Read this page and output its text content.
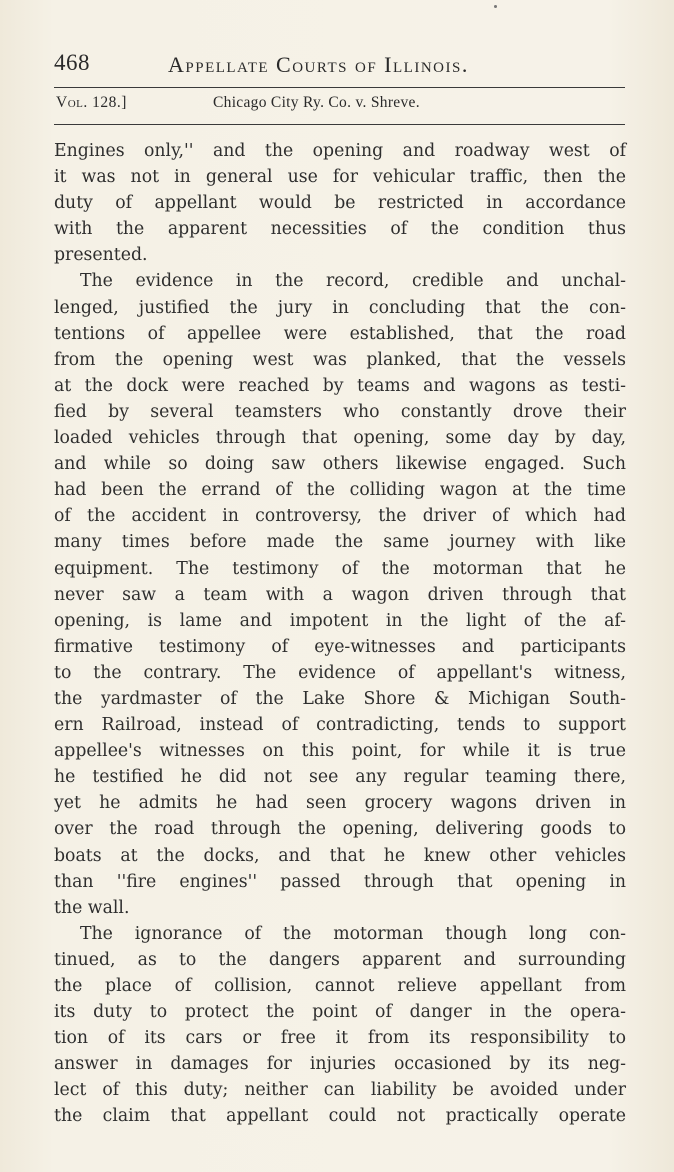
468	Appellate Courts of Illinois.
Vol. 128.]	Chicago City Ry. Co. v. Shreve.
Engines only,'' and the opening and roadway west of
it was not in general use for vehicular traffic, then the
duty of appellant would be restricted in accordance
with the apparent necessities of the condition thus
presented.
The evidence in the record, credible and unchal-
lenged, justified the jury in concluding that the con-
tentions of appellee were established, that the road
from the opening west was planked, that the vessels
at the dock were reached by teams and wagons as testi-
fied by several teamsters who constantly drove their
loaded vehicles through that opening, some day by day,
and while so doing saw others likewise engaged. Such
had been the errand of the colliding wagon at the time
of the accident in controversy, the driver of which had
many times before made the same journey with like
equipment. The testimony of the motorman that he
never saw a team with a wagon driven through that
opening, is lame and impotent in the light of the af-
firmative testimony of eye-witnesses and participants
to the contrary. The evidence of appellant's witness,
the yardmaster of the Lake Shore & Michigan South-
ern Railroad, instead of contradicting, tends to support
appellee's witnesses on this point, for while it is true
he testified he did not see any regular teaming there,
yet he admits he had seen grocery wagons driven in
over the road through the opening, delivering goods to
boats at the docks, and that he knew other vehicles
than ''fire engines'' passed through that opening in
the wall.
The ignorance of the motorman though long con-
tinued, as to the dangers apparent and surrounding
the place of collision, cannot relieve appellant from
its duty to protect the point of danger in the opera-
tion of its cars or free it from its responsibility to
answer in damages for injuries occasioned by its neg-
lect of this duty; neither can liability be avoided under
the claim that appellant could not practically operate
